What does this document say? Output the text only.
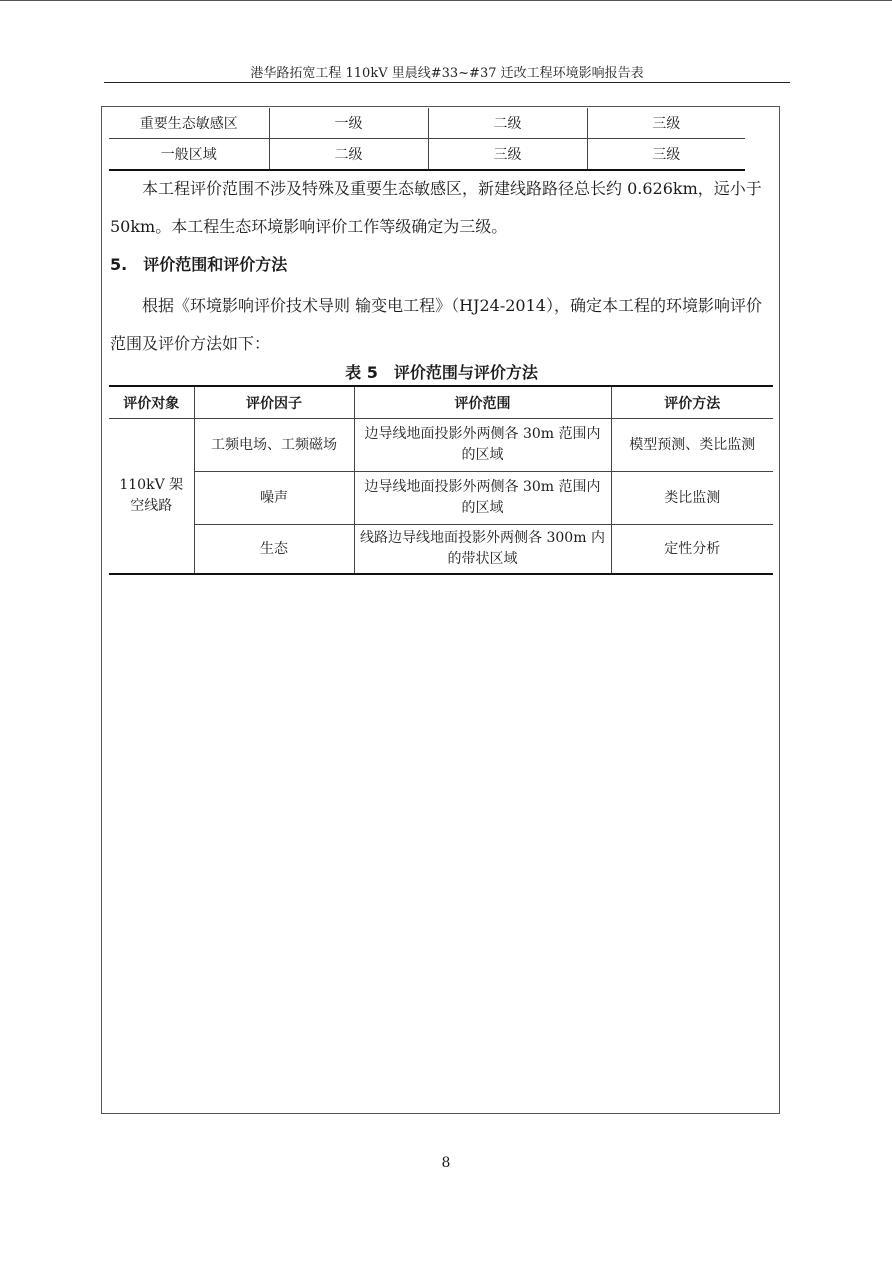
港华路拓宽工程 110kV 里晨线#33~#37 迁改工程环境影响报告表
重要生态敏感区	一级	二级	三级
一般区域	二级	三级	三级

本工程评价范围不涉及特殊及重要生态敏感区，新建线路路径总长约 0.626km，远小于 50km。本工程生态环境影响评价工作等级确定为三级。

5.　评价范围和评价方法

根据《环境影响评价技术导则 输变电工程》（HJ24-2014），确定本工程的环境影响评价范围及评价方法如下：

表 5　评价范围与评价方法
评价对象	评价因子	评价范围	评价方法
110kV 架空线路	工频电场、工频磁场	边导线地面投影外两侧各 30m 范围内的区域	模型预测、类比监测
	噪声	边导线地面投影外两侧各 30m 范围内的区域	类比监测
	生态	线路边导线地面投影外两侧各 300m 内的带状区域	定性分析
8
